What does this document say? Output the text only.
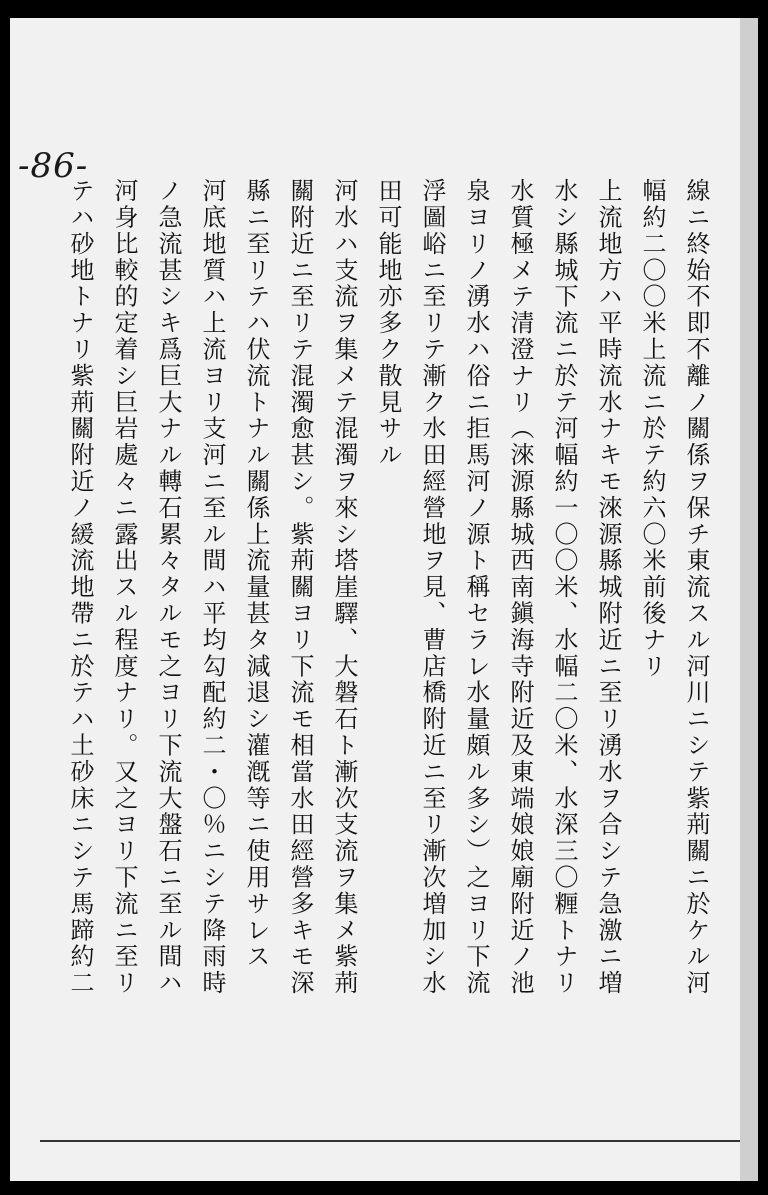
-86-
線ニ終始不即不離ノ關係ヲ保チ東流スル河川ニシテ紫荊關ニ於ケル河
幅約二〇〇米上流ニ於テ約六〇米前後ナリ
上流地方ハ平時流水ナキモ淶源縣城附近ニ至リ湧水ヲ合シテ急激ニ増
水シ縣城下流ニ於テ河幅約一〇〇米、水幅二〇米、水深三〇糎トナリ
水質極メテ清澄ナリ（淶源縣城西南鎭海寺附近及東端娘娘廟附近ノ池
泉ヨリノ湧水ハ俗ニ拒馬河ノ源ト稱セラレ水量頗ル多シ）之ヨリ下流
浮圖峪ニ至リテ漸ク水田經營地ヲ見、曹店橋附近ニ至リ漸次増加シ水
田可能地亦多ク散見サル
河水ハ支流ヲ集メテ混濁ヲ來シ塔崖驛、大磐石ト漸次支流ヲ集メ紫荊
關附近ニ至リテ混濁愈甚シ。紫荊關ヨリ下流モ相當水田經營多キモ深
縣ニ至リテハ伏流トナル關係上流量甚タ減退シ灌漑等ニ使用サレス
河底地質ハ上流ヨリ支河ニ至ル間ハ平均勾配約二・〇％ニシテ降雨時
ノ急流甚シキ爲巨大ナル轉石累々タルモ之ヨリ下流大盤石ニ至ル間ハ
河身比較的定着シ巨岩處々ニ露出スル程度ナリ。又之ヨリ下流ニ至リ
テハ砂地トナリ紫荊關附近ノ緩流地帶ニ於テハ土砂床ニシテ馬蹄約二
